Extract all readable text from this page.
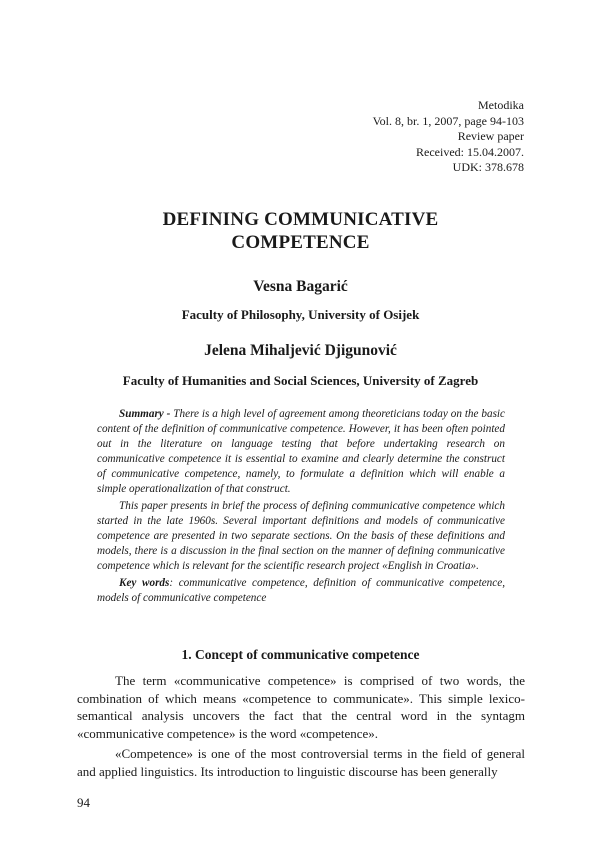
Metodika
Vol. 8, br. 1, 2007, page 94-103
Review paper
Received: 15.04.2007.
UDK: 378.678
DEFINING COMMUNICATIVE
COMPETENCE
Vesna Bagarić
Faculty of Philosophy, University of Osijek
Jelena Mihaljević Djigunović
Faculty of Humanities and Social Sciences, University of Zagreb

Summary - There is a high level of agreement among theoreticians today on the basic content of the definition of communicative competence. However, it has been often pointed out in the literature on language testing that before undertaking research on communicative competence it is essential to examine and clearly determine the construct of communicative competence, namely, to formulate a definition which will enable a simple operationalization of that construct.

This paper presents in brief the process of defining communicative competence which started in the late 1960s. Several important definitions and models of communicative competence are presented in two separate sections. On the basis of these definitions and models, there is a discussion in the final section on the manner of defining communicative competence which is relevant for the scientific research project «English in Croatia».

Key words: communicative competence, definition of communicative competence, models of communicative competence

1. Concept of communicative competence

The term «communicative competence» is comprised of two words, the combination of which means «competence to communicate». This simple lexico-semantical analysis uncovers the fact that the central word in the syntagm «communicative competence» is the word «competence».

«Competence» is one of the most controversial terms in the field of general and applied linguistics. Its introduction to linguistic discourse has been generally

94
